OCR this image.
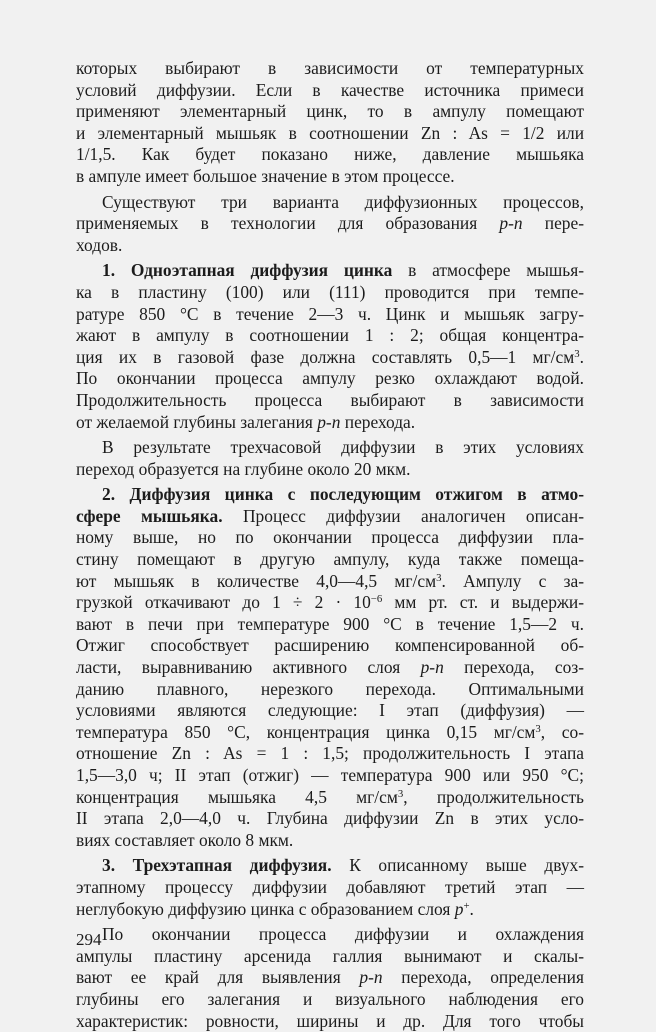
которых выбирают в зависимости от температурных
условий диффузии. Если в качестве источника примеси
применяют элементарный цинк, то в ампулу помещают
и элементарный мышьяк в соотношении Zn : As = 1/2 или
1/1,5. Как будет показано ниже, давление мышьяка
в ампуле имеет большое значение в этом процессе.
Существуют три варианта диффузионных процессов,
применяемых в технологии для образования p-n пере-
ходов.
1. Одноэтапная диффузия цинка в атмосфере мышья-
ка в пластину (100) или (111) проводится при темпе-
ратуре 850 °С в течение 2—3 ч. Цинк и мышьяк загру-
жают в ампулу в соотношении 1 : 2; общая концентра-
ция их в газовой фазе должна составлять 0,5—1 $мг/см^3$.
По окончании процесса ампулу резко охлаждают водой.
Продолжительность процесса выбирают в зависимости
от желаемой глубины залегания p-n перехода.
В результате трехчасовой диффузии в этих условиях
переход образуется на глубине около 20 мкм.
2. Диффузия цинка с последующим отжигом в атмо-
сфере мышьяка. Процесс диффузии аналогичен описан-
ному выше, но по окончании процесса диффузии пла-
стину помещают в другую ампулу, куда также помеща-
ют мышьяк в количестве 4,0—4,5 $мг/см^3$. Ампулу с за-
грузкой откачивают до $1 \div 2 \cdot 10^{-6}$ мм рт. ст. и выдержи-
вают в печи при температуре 900 °С в течение 1,5—2 ч.
Отжиг способствует расширению компенсированной об-
ласти, выравниванию активного слоя p-n перехода, соз-
данию плавного, нерезкого перехода. Оптимальными
условиями являются следующие: I этап (диффузия) —
температура 850 °С, концентрация цинка 0,15 $мг/см^3$, со-
отношение Zn : As = 1 : 1,5; продолжительность I этапа
1,5—3,0 ч; II этап (отжиг) — температура 900 или 950 °С;
концентрация мышьяка 4,5 $мг/см^3$, продолжительность
II этапа 2,0—4,0 ч. Глубина диффузии Zn в этих усло-
виях составляет около 8 мкм.
3. Трехэтапная диффузия. К описанному выше двух-
этапному процессу диффузии добавляют третий этап —
неглубокую диффузию цинка с образованием слоя p+.
По окончании процесса диффузии и охлаждения
ампулы пластину арсенида галлия вынимают и скалы-
вают ее край для выявления p-n перехода, определения
глубины его залегания и визуального наблюдения его
характеристик: ровности, ширины и др. Для того чтобы
294
